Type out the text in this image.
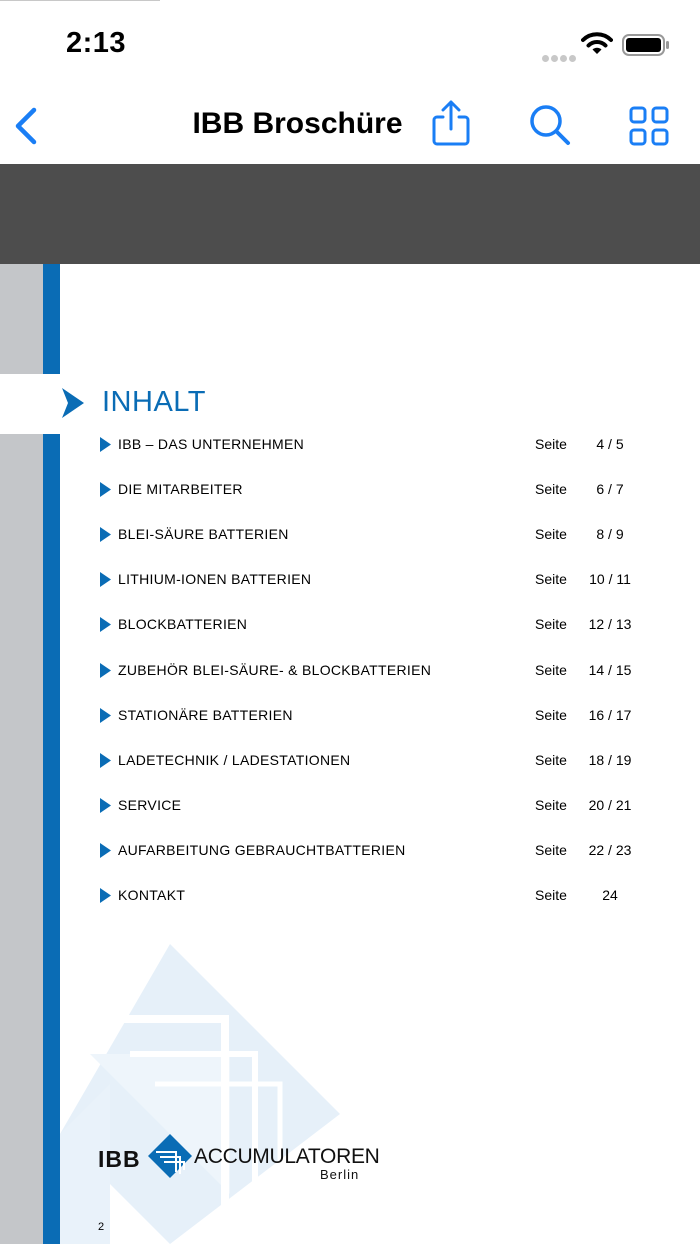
2:13
IBB Broschüre
INHALT
IBB – DAS UNTERNEHMEN	Seite	4 / 5
DIE MITARBEITER	Seite	6 / 7
BLEI-SÄURE BATTERIEN	Seite	8 / 9
LITHIUM-IONEN BATTERIEN	Seite	10 / 11
BLOCKBATTERIEN	Seite	12 / 13
ZUBEHÖR BLEI-SÄURE- & BLOCKBATTERIEN	Seite	14 / 15
STATIONÄRE BATTERIEN	Seite	16 / 17
LADETECHNIK / LADESTATIONEN	Seite	18 / 19
SERVICE	Seite	20 / 21
AUFARBEITUNG GEBRAUCHTBATTERIEN	Seite	22 / 23
KONTAKT	Seite	24
IBB	ACCUMULATOREN
Berlin
2
